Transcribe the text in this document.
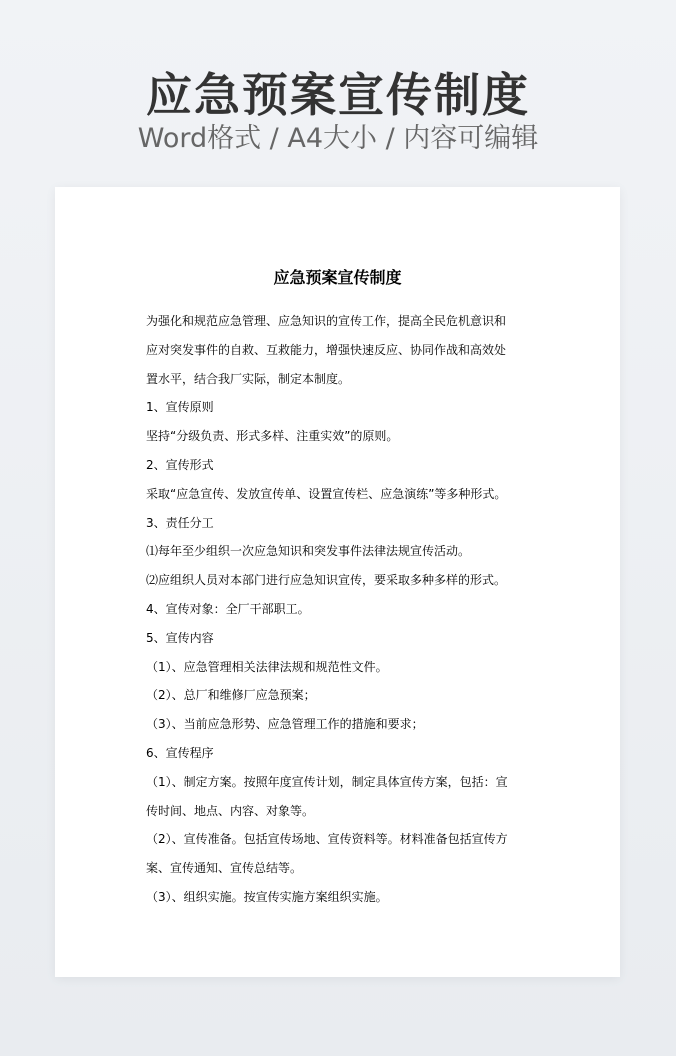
应急预案宣传制度
Word格式 / A4大小 / 内容可编辑
应急预案宣传制度

为强化和规范应急管理、应急知识的宣传工作，提高全民危机意识和

应对突发事件的自救、互救能力，增强快速反应、协同作战和高效处

置水平，结合我厂实际，制定本制度。

1、宣传原则

坚持“分级负责、形式多样、注重实效”的原则。

2、宣传形式

采取“应急宣传、发放宣传单、设置宣传栏、应急演练”等多种形式。

3、责任分工

⑴每年至少组织一次应急知识和突发事件法律法规宣传活动。

⑵应组织人员对本部门进行应急知识宣传，要采取多种多样的形式。

4、宣传对象：全厂干部职工。

5、宣传内容

（1）、应急管理相关法律法规和规范性文件。

（2）、总厂和维修厂应急预案；

（3）、当前应急形势、应急管理工作的措施和要求；

6、宣传程序

（1）、制定方案。按照年度宣传计划，制定具体宣传方案，包括：宣

传时间、地点、内容、对象等。

（2）、宣传准备。包括宣传场地、宣传资料等。材料准备包括宣传方

案、宣传通知、宣传总结等。

（3）、组织实施。按宣传实施方案组织实施。
